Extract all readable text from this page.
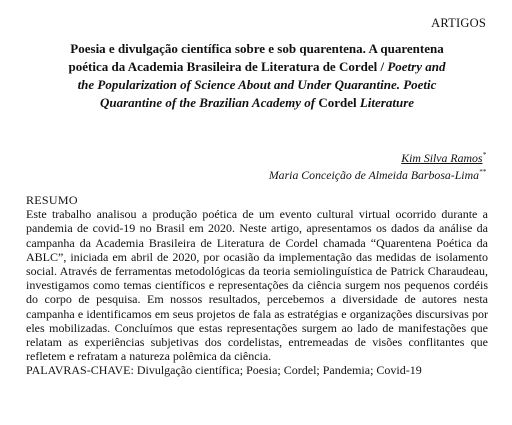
ARTIGOS
Poesia e divulgação científica sobre e sob quarentena. A quarentena
poética da Academia Brasileira de Literatura de Cordel / Poetry and
the Popularization of Science About and Under Quarantine. Poetic
Quarantine of the Brazilian Academy of Cordel Literature
Kim Silva Ramos*
Maria Conceição de Almeida Barbosa-Lima**
RESUMO
Este trabalho analisou a produção poética de um evento cultural virtual ocorrido durante a pandemia de covid-19 no Brasil em 2020. Neste artigo, apresentamos os dados da análise da campanha da Academia Brasileira de Literatura de Cordel chamada “Quarentena Poética da ABLC”, iniciada em abril de 2020, por ocasião da implementação das medidas de isolamento social. Através de ferramentas metodológicas da teoria semiolinguística de Patrick Charaudeau, investigamos como temas científicos e representações da ciência surgem nos pequenos cordéis do corpo de pesquisa. Em nossos resultados, percebemos a diversidade de autores nesta campanha e identificamos em seus projetos de fala as estratégias e organizações discursivas por eles mobilizadas. Concluímos que estas representações surgem ao lado de manifestações que relatam as experiências subjetivas dos cordelistas, entremeadas de visões conflitantes que refletem e refratam a natureza polêmica da ciência.
PALAVRAS-CHAVE: Divulgação científica; Poesia; Cordel; Pandemia; Covid-19
